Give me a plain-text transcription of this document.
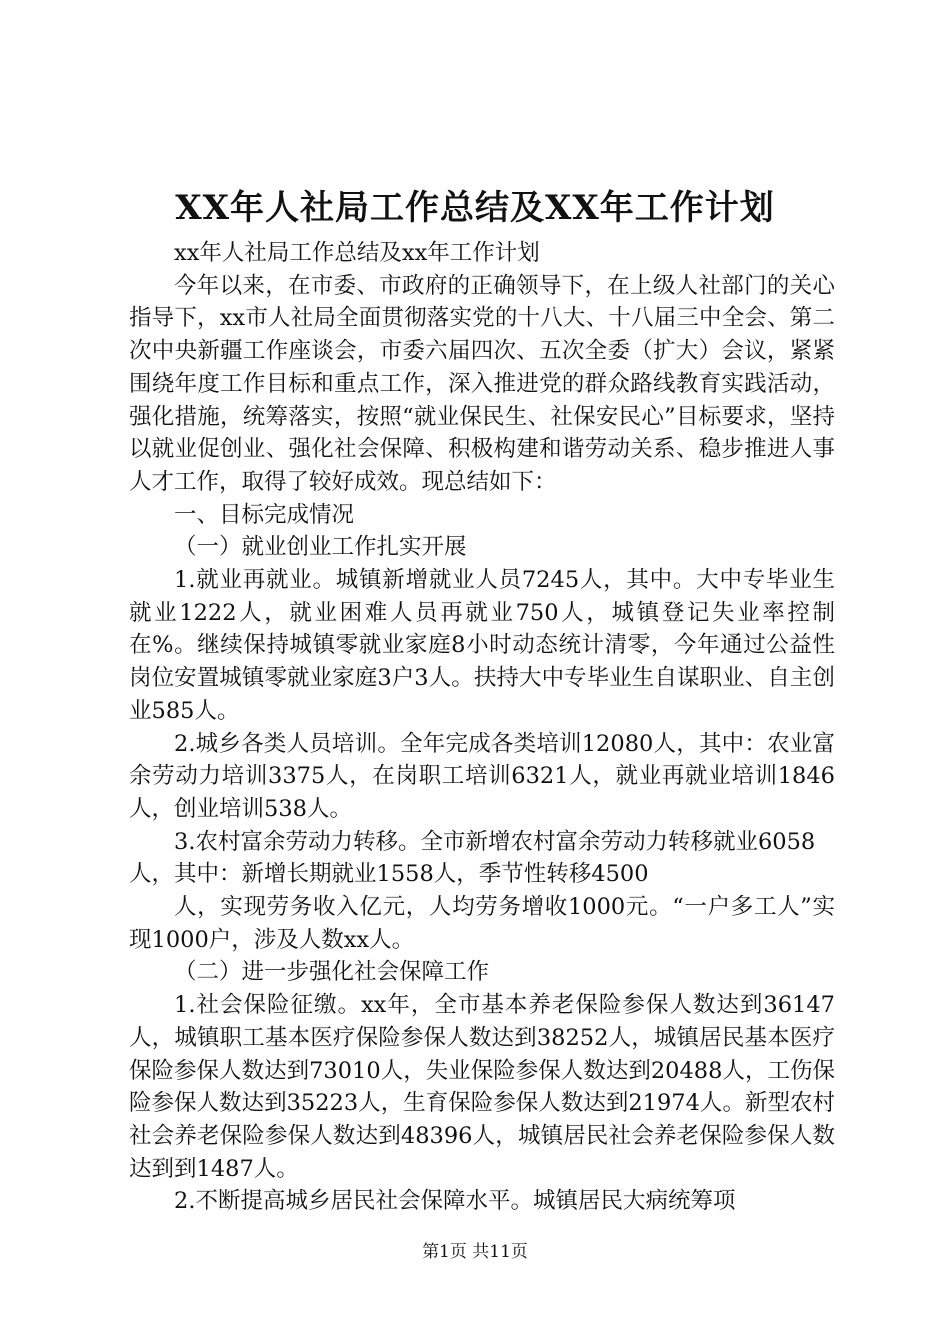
XX年人社局工作总结及XX年工作计划

xx年人社局工作总结及xx年工作计划

今年以来，在市委、市政府的正确领导下，在上级人社部门的关心指导下，xx市人社局全面贯彻落实党的十八大、十八届三中全会、第二次中央新疆工作座谈会，市委六届四次、五次全委（扩大）会议，紧紧围绕年度工作目标和重点工作，深入推进党的群众路线教育实践活动，强化措施，统筹落实，按照“就业保民生、社保安民心”目标要求，坚持以就业促创业、强化社会保障、积极构建和谐劳动关系、稳步推进人事人才工作，取得了较好成效。现总结如下：

一、目标完成情况

（一）就业创业工作扎实开展

1.就业再就业。城镇新增就业人员7245人，其中。大中专毕业生就业1222人，就业困难人员再就业750人，城镇登记失业率控制在%。继续保持城镇零就业家庭8小时动态统计清零，今年通过公益性岗位安置城镇零就业家庭3户3人。扶持大中专毕业生自谋职业、自主创业585人。

2.城乡各类人员培训。全年完成各类培训12080人，其中：农业富余劳动力培训3375人，在岗职工培训6321人，就业再就业培训1846人，创业培训538人。

3.农村富余劳动力转移。全市新增农村富余劳动力转移就业6058人，其中：新增长期就业1558人，季节性转移4500

人，实现劳务收入亿元，人均劳务增收1000元。“一户多工人”实现1000户，涉及人数xx人。

（二）进一步强化社会保障工作

1.社会保险征缴。xx年，全市基本养老保险参保人数达到36147人，城镇职工基本医疗保险参保人数达到38252人，城镇居民基本医疗保险参保人数达到73010人，失业保险参保人数达到20488人，工伤保险参保人数达到35223人，生育保险参保人数达到21974人。新型农村社会养老保险参保人数达到48396人，城镇居民社会养老保险参保人数达到到1487人。

2.不断提高城乡居民社会保障水平。城镇居民大病统筹项

第1页 共11页
